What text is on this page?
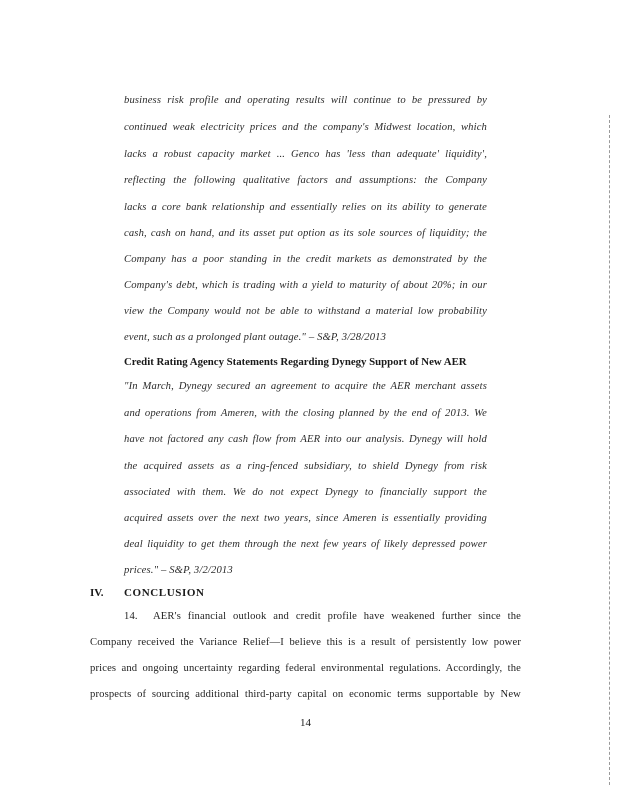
business risk profile and operating results will continue to be pressured by
continued weak electricity prices and the company's Midwest location, which
lacks a robust capacity market ... Genco has 'less than adequate' liquidity',
reflecting the following qualitative factors and assumptions: the Company
lacks a core bank relationship and essentially relies on its ability to generate
cash, cash on hand, and its asset put option as its sole sources of liquidity; the
Company has a poor standing in the credit markets as demonstrated by the
Company's debt, which is trading with a yield to maturity of about 20%; in our
view the Company would not be able to withstand a material low probability
event, such as a prolonged plant outage." – S&P, 3/28/2013
Credit Rating Agency Statements Regarding Dynegy Support of New AER
"In March, Dynegy secured an agreement to acquire the AER merchant assets
and operations from Ameren, with the closing planned by the end of 2013. We
have not factored any cash flow from AER into our analysis. Dynegy will hold
the acquired assets as a ring-fenced subsidiary, to shield Dynegy from risk
associated with them. We do not expect Dynegy to financially support the
acquired assets over the next two years, since Ameren is essentially providing
deal liquidity to get them through the next few years of likely depressed power
prices." – S&P, 3/2/2013
IV. CONCLUSION
14. AER's financial outlook and credit profile have weakened further since the
Company received the Variance Relief—I believe this is a result of persistently low power
prices and ongoing uncertainty regarding federal environmental regulations. Accordingly, the
prospects of sourcing additional third-party capital on economic terms supportable by New
14
